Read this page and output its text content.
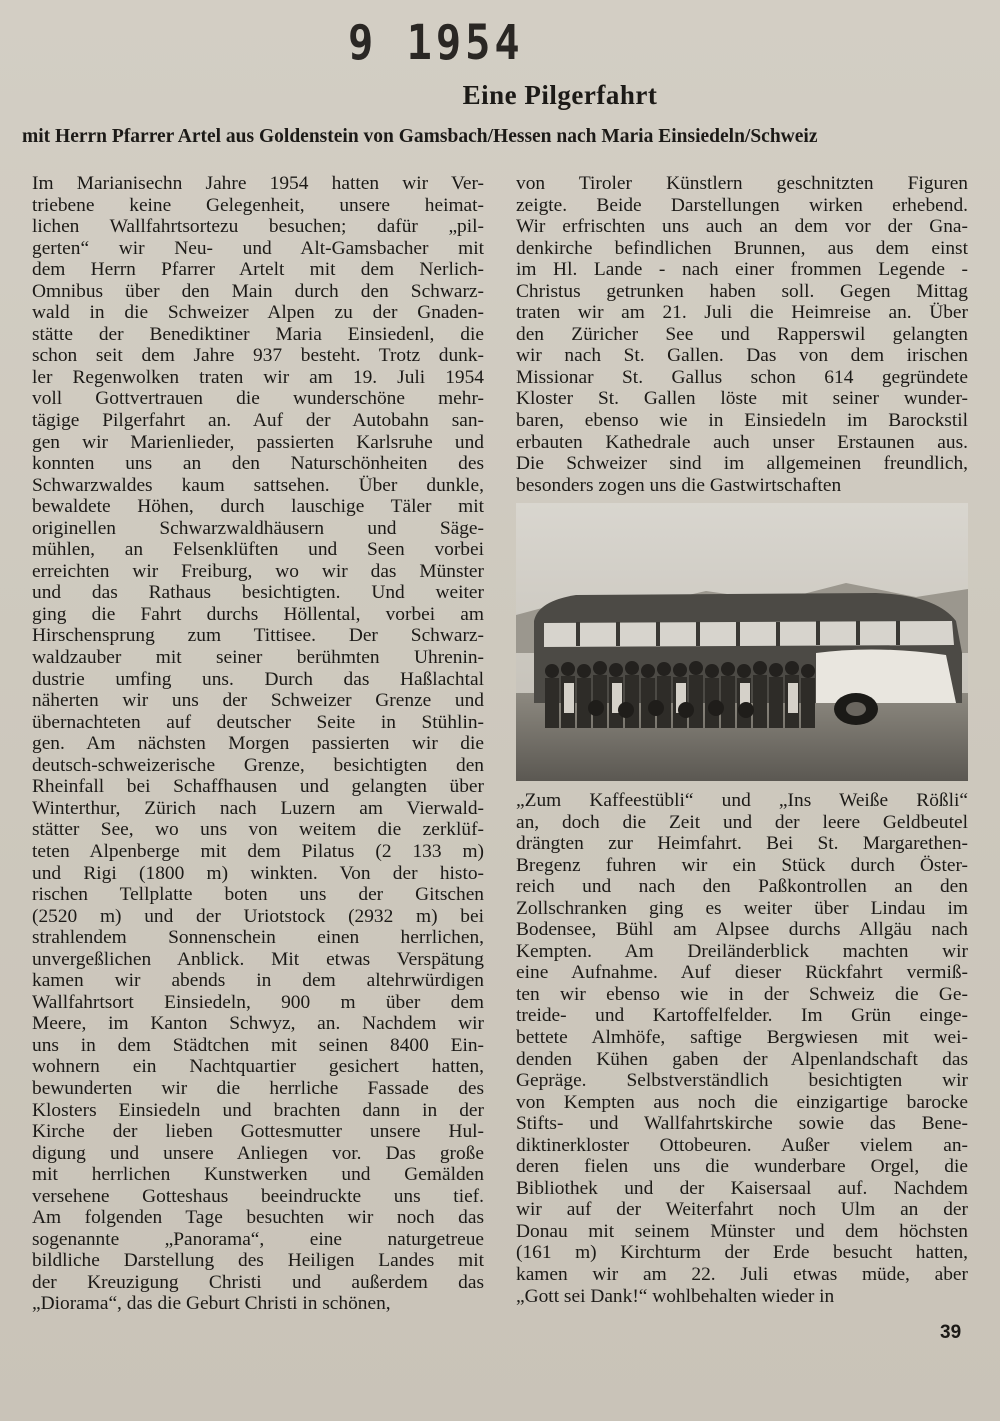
9 1954
Eine Pilgerfahrt
mit Herrn Pfarrer Artel aus Goldenstein von Gamsbach/Hessen nach Maria Einsiedeln/Schweiz
Im Marianisechn Jahre 1954 hatten wir Ver-
triebene keine Gelegenheit, unsere heimat-
lichen Wallfahrtsortezu besuchen; dafür „pil-
gerten“ wir Neu- und Alt-Gamsbacher mit
dem Herrn Pfarrer Artelt mit dem Nerlich-
Omnibus über den Main durch den Schwarz-
wald in die Schweizer Alpen zu der Gnaden-
stätte der Benediktiner Maria Einsiedenl, die
schon seit dem Jahre 937 besteht. Trotz dunk-
ler Regenwolken traten wir am 19. Juli 1954
voll Gottvertrauen die wunderschöne mehr-
tägige Pilgerfahrt an. Auf der Autobahn san-
gen wir Marienlieder, passierten Karlsruhe und
konnten uns an den Naturschönheiten des
Schwarzwaldes kaum sattsehen. Über dunkle,
bewaldete Höhen, durch lauschige Täler mit
originellen Schwarzwaldhäusern und Säge-
mühlen, an Felsenklüften und Seen vorbei
erreichten wir Freiburg, wo wir das Münster
und das Rathaus besichtigten. Und weiter
ging die Fahrt durchs Höllental, vorbei am
Hirschensprung zum Tittisee. Der Schwarz-
waldzauber mit seiner berühmten Uhrenin-
dustrie umfing uns. Durch das Haßlachtal
näherten wir uns der Schweizer Grenze und
übernachteten auf deutscher Seite in Stühlin-
gen. Am nächsten Morgen passierten wir die
deutsch-schweizerische Grenze, besichtigten den
Rheinfall bei Schaffhausen und gelangten über
Winterthur, Zürich nach Luzern am Vierwald-
stätter See, wo uns von weitem die zerklüf-
teten Alpenberge mit dem Pilatus (2 133 m)
und Rigi (1800 m) winkten. Von der histo-
rischen Tellplatte boten uns der Gitschen
(2520 m) und der Uriotstock (2932 m) bei
strahlendem Sonnenschein einen herrlichen,
unvergeßlichen Anblick. Mit etwas Verspätung
kamen wir abends in dem altehrwürdigen
Wallfahrtsort Einsiedeln, 900 m über dem
Meere, im Kanton Schwyz, an. Nachdem wir
uns in dem Städtchen mit seinen 8400 Ein-
wohnern ein Nachtquartier gesichert hatten,
bewunderten wir die herrliche Fassade des
Klosters Einsiedeln und brachten dann in der
Kirche der lieben Gottesmutter unsere Hul-
digung und unsere Anliegen vor. Das große
mit herrlichen Kunstwerken und Gemälden
versehene Gotteshaus beeindruckte uns tief.
Am folgenden Tage besuchten wir noch das
sogenannte „Panorama“, eine naturgetreue
bildliche Darstellung des Heiligen Landes mit
der Kreuzigung Christi und außerdem das
„Diorama“, das die Geburt Christi in schönen,
von Tiroler Künstlern geschnitzten Figuren
zeigte. Beide Darstellungen wirken erhebend.
Wir erfrischten uns auch an dem vor der Gna-
denkirche befindlichen Brunnen, aus dem einst
im Hl. Lande - nach einer frommen Legende -
Christus getrunken haben soll. Gegen Mittag
traten wir am 21. Juli die Heimreise an. Über
den Züricher See und Rapperswil gelangten
wir nach St. Gallen. Das von dem irischen
Missionar St. Gallus schon 614 gegründete
Kloster St. Gallen löste mit seiner wunder-
baren, ebenso wie in Einsiedeln im Barockstil
erbauten Kathedrale auch unser Erstaunen aus.
Die Schweizer sind im allgemeinen freundlich,
besonders zogen uns die Gastwirtschaften
„Zum Kaffeestübli“ und „Ins Weiße Rößli“
an, doch die Zeit und der leere Geldbeutel
drängten zur Heimfahrt. Bei St. Margarethen-
Bregenz fuhren wir ein Stück durch Öster-
reich und nach den Paßkontrollen an den
Zollschranken ging es weiter über Lindau im
Bodensee, Bühl am Alpsee durchs Allgäu nach
Kempten. Am Dreiländerblick machten wir
eine Aufnahme. Auf dieser Rückfahrt vermiß-
ten wir ebenso wie in der Schweiz die Ge-
treide- und Kartoffelfelder. Im Grün einge-
bettete Almhöfe, saftige Bergwiesen mit wei-
denden Kühen gaben der Alpenlandschaft das
Gepräge. Selbstverständlich besichtigten wir
von Kempten aus noch die einzigartige barocke
Stifts- und Wallfahrtskirche sowie das Bene-
diktinerkloster Ottobeuren. Außer vielem an-
deren fielen uns die wunderbare Orgel, die
Bibliothek und der Kaisersaal auf. Nachdem
wir auf der Weiterfahrt noch Ulm an der
Donau mit seinem Münster und dem höchsten
(161 m) Kirchturm der Erde besucht hatten,
kamen wir am 22. Juli etwas müde, aber
„Gott sei Dank!“ wohlbehalten wieder in
39
